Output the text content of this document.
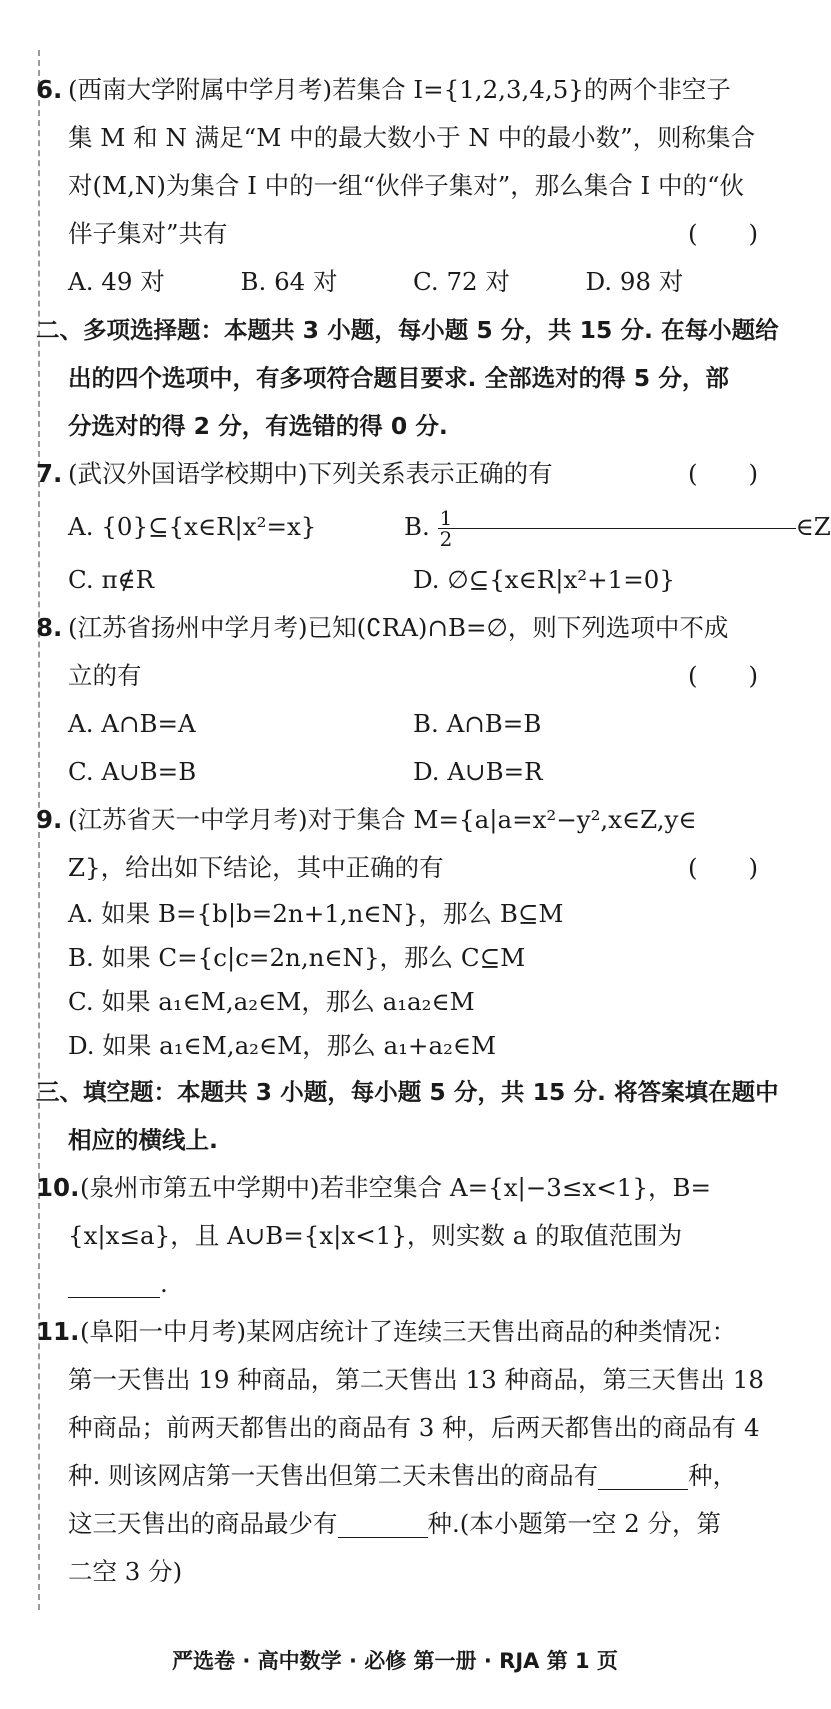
6. (西南大学附属中学月考)若集合 I={1,2,3,4,5}的两个非空子
集 M 和 N 满足“M 中的最大数小于 N 中的最小数”，则称集合
对(M,N)为集合 I 中的一组“伙伴子集对”，那么集合 I 中的“伙
伴子集对”共有	( )
A. 49 对	B. 64 对	C. 72 对	D. 98 对
二、多项选择题：本题共 3 小题，每小题 5 分，共 15 分. 在每小题给
出的四个选项中，有多项符合题目要求. 全部选对的得 5 分，部
分选对的得 2 分，有选错的得 0 分.
7. (武汉外国语学校期中)下列关系表示正确的有	( )
A. {0}⊆{x∈R|x²=x}	B. $\frac{1}{2}$ ∈Z
C. π∉R	D. ∅⊆{x∈R|x²+1=0}
8. (江苏省扬州中学月考)已知(∁RA)∩B=∅，则下列选项中不成
立的有	( )
A. A∩B=A	B. A∩B=B
C. A∪B=B	D. A∪B=R
9. (江苏省天一中学月考)对于集合 M={a|a=x²−y²,x∈Z,y∈
Z}，给出如下结论，其中正确的有	( )
A. 如果 B={b|b=2n+1,n∈N}，那么 B⊆M
B. 如果 C={c|c=2n,n∈N}，那么 C⊆M
C. 如果 a₁∈M,a₂∈M，那么 a₁a₂∈M
D. 如果 a₁∈M,a₂∈M，那么 a₁+a₂∈M
三、填空题：本题共 3 小题，每小题 5 分，共 15 分. 将答案填在题中
相应的横线上.
10.(泉州市第五中学期中)若非空集合 A={x|−3≤x<1}，B=
{x|x≤a}，且 A∪B={x|x<1}，则实数 a 的取值范围为
.
11.(阜阳一中月考)某网店统计了连续三天售出商品的种类情况：
第一天售出 19 种商品，第二天售出 13 种商品，第三天售出 18
种商品；前两天都售出的商品有 3 种，后两天都售出的商品有 4
种. 则该网店第一天售出但第二天未售出的商品有	种，
这三天售出的商品最少有	种.(本小题第一空 2 分，第
二空 3 分)
严选卷 · 高中数学 · 必修 第一册 · RJA 第 1 页
